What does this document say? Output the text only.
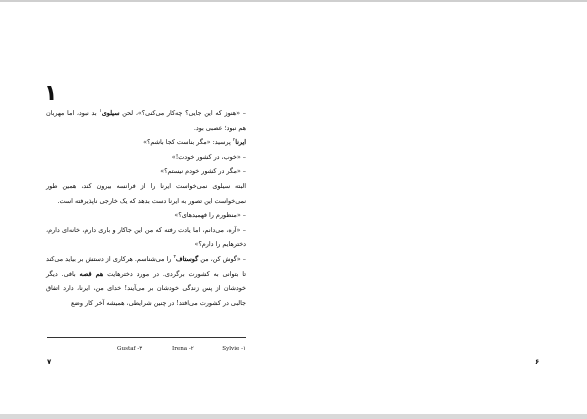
۱

– «هنوز که این جایی؟ چه‌کار می‌کنی؟»، لحن سیلوی$^۱$ بد نبود، اما مهربان هم نبود؛ عصبی بود.

ایرنا$^۲$ پرسید: «مگر بناست کجا باشم؟»

– «خوب، در کشور خودت!»

– «مگر در کشور خودم نیستم؟»

البته سیلوی نمی‌خواست ایرنا را از فرانسه بیرون کند، همین طور نمی‌خواست این تصور به ایرنا دست بدهد که یک خارجی ناپذیرفته است.

– «منظورم را فهمیدهای؟»

– «آره، می‌دانم، اما یادت رفته که من این جاکار و باری دارم، خانه‌ای دارم، دخترهایم را دارم؟»

– «گوش کن، من گوستاف$^۳$ را می‌شناسم. هرکاری از دستش بر بیاید می‌کند تا بتوانی به کشورت برگردی. در مورد دخترهایت هم قصه بافی. دیگر خودشان از پس زندگی خودشان بر می‌آیند! خدای من، ایرنا، دارد اتفاق جالبی در کشورت می‌افتد! در چنین شرایطی، همیشه آخر کار وضع

Sylvie -۱
Irena -۲
Gustaf -۳
۷	۶
